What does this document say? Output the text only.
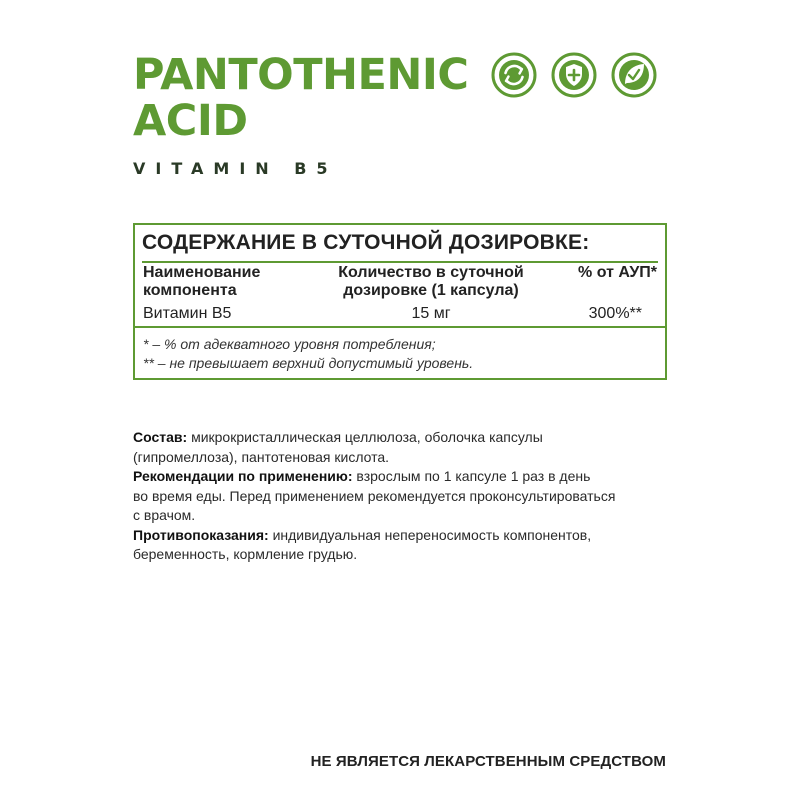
PANTOTHENIC
ACID
VITAMIN B5
СОДЕРЖАНИЕ В СУТОЧНОЙ ДОЗИРОВКЕ:
Наименование
компонента
Количество в суточной
дозировке (1 капсула)
% от АУП*
Витамин B5	15 мг	300%**
* – % от адекватного уровня потребления;
** – не превышает верхний допустимый уровень.

Состав: микрокристаллическая целлюлоза, оболочка капсулы
(гипромеллоза), пантотеновая кислота.

Рекомендации по применению: взрослым по 1 капсуле 1 раз в день
во время еды. Перед применением рекомендуется проконсультироваться
с врачом.

Противопоказания: индивидуальная непереносимость компонентов,
беременность, кормление грудью.

НЕ ЯВЛЯЕТСЯ ЛЕКАРСТВЕННЫМ СРЕДСТВОМ
